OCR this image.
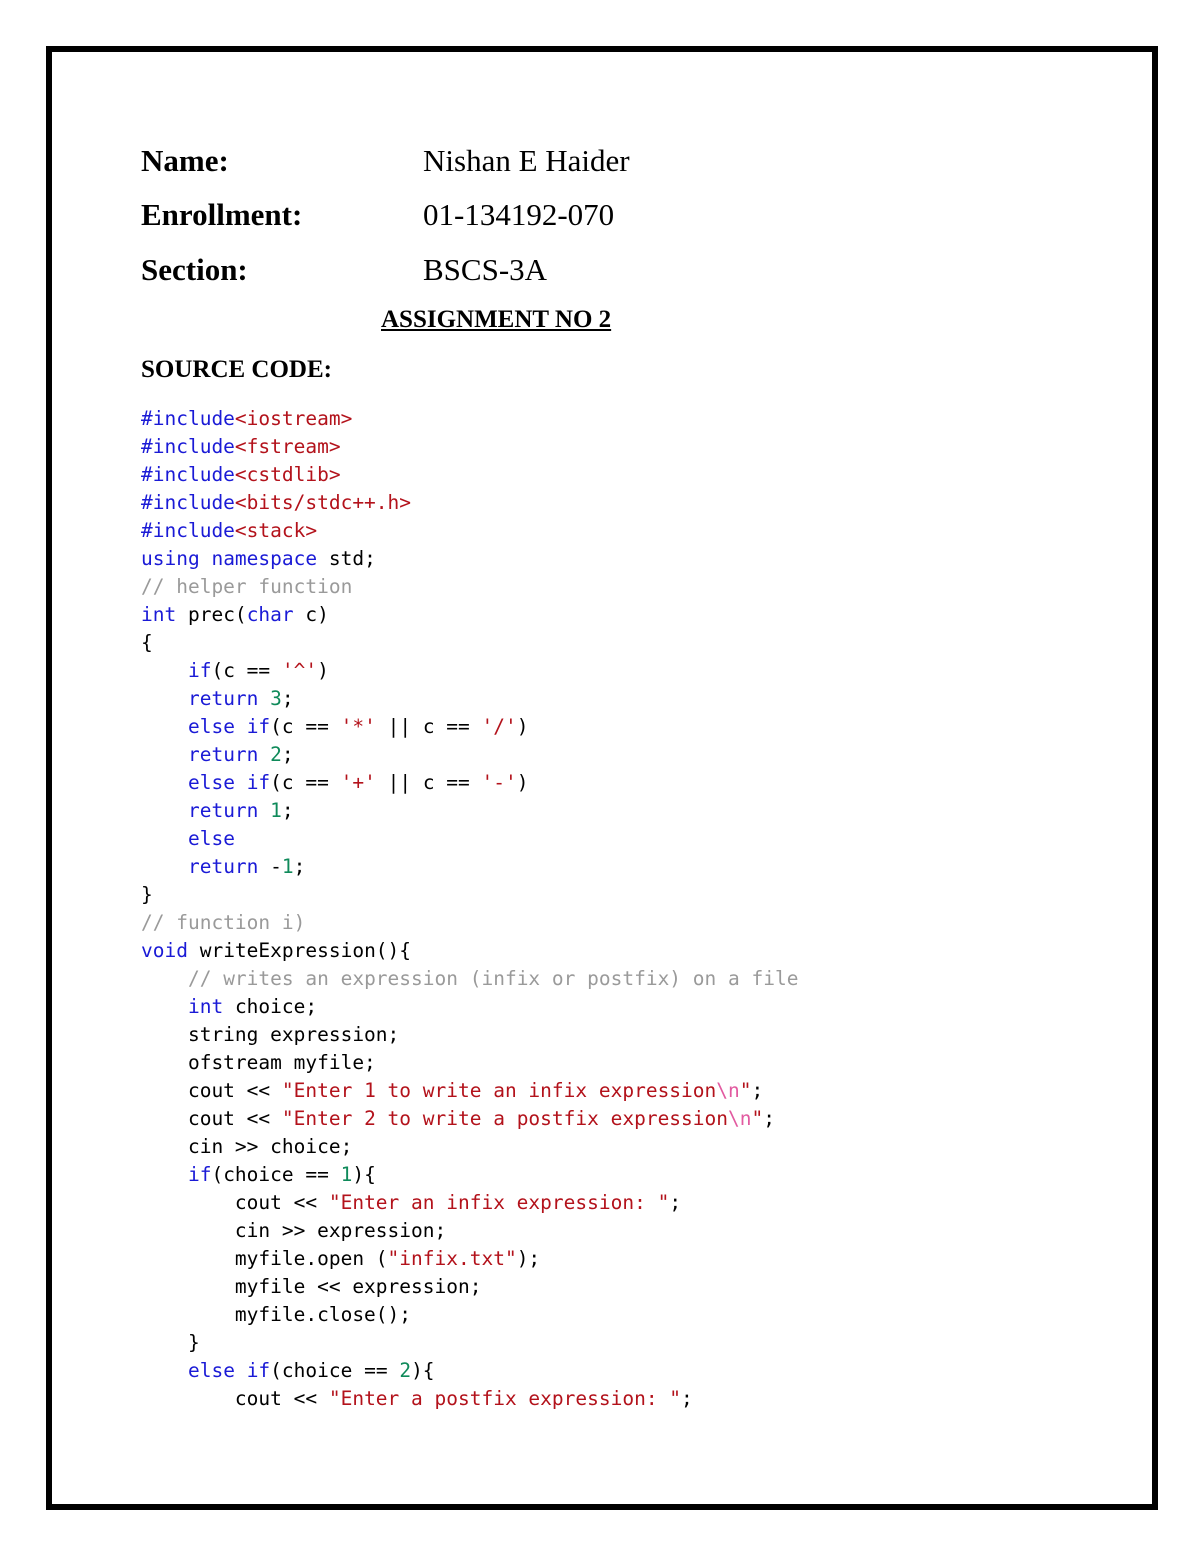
Name:	Nishan E Haider
Enrollment:	01-134192-070
Section:	BSCS-3A
ASSIGNMENT NO 2
SOURCE CODE:
#include<iostream>
#include<fstream>
#include<cstdlib>
#include<bits/stdc++.h>
#include<stack>
using namespace std;
// helper function
int prec(char c)
{
if(c == '^')
return 3;
else if(c == '*' || c == '/')
return 2;
else if(c == '+' || c == '-')
return 1;
else
return -1;
}
// function i)
void writeExpression(){
// writes an expression (infix or postfix) on a file
int choice;
string expression;
ofstream myfile;
cout << "Enter 1 to write an infix expression\n";
cout << "Enter 2 to write a postfix expression\n";
cin >> choice;
if(choice == 1){
cout << "Enter an infix expression: ";
cin >> expression;
myfile.open ("infix.txt");
myfile << expression;
myfile.close();
}
else if(choice == 2){
cout << "Enter a postfix expression: ";
